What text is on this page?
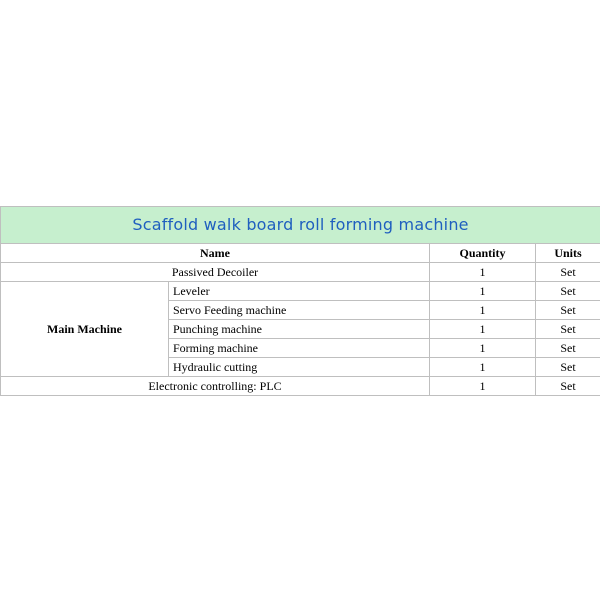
Scaffold walk board roll forming machine			
Name		Quantity	Units
Passived Decoiler		1	Set
Main Machine	Leveler	1	Set
	Servo Feeding machine	1	Set
	Punching machine	1	Set
	Forming machine	1	Set
	Hydraulic cutting	1	Set
Electronic controlling: PLC		1	Set
